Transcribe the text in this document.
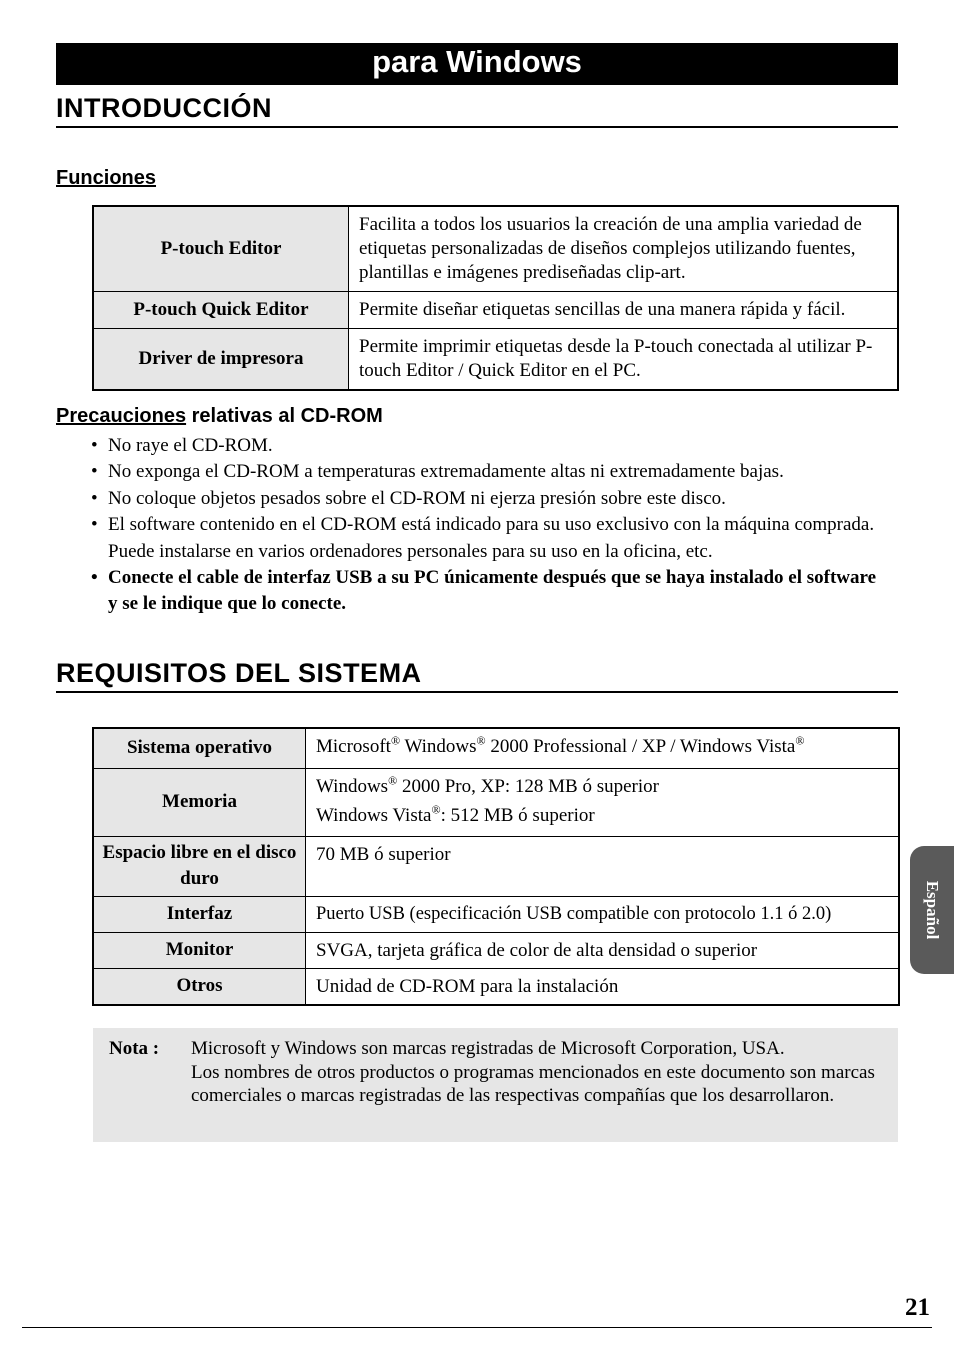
para Windows
INTRODUCCIÓN
Funciones
P-touch Editor	Facilita a todos los usuarios la creación de una amplia variedad de etiquetas personalizadas de diseños complejos utilizando fuentes, plantillas e imágenes prediseñadas clip-art.
P-touch Quick Editor	Permite diseñar etiquetas sencillas de una manera rápida y fácil.
Driver de impresora	Permite imprimir etiquetas desde la P-touch conectada al utilizar P-touch Editor / Quick Editor en el PC.
Precauciones relativas al CD-ROM
• No raye el CD-ROM.
• No exponga el CD-ROM a temperaturas extremadamente altas ni extremadamente bajas.
• No coloque objetos pesados sobre el CD-ROM ni ejerza presión sobre este disco.
• El software contenido en el CD-ROM está indicado para su uso exclusivo con la máquina comprada.
Puede instalarse en varios ordenadores personales para su uso en la oficina, etc.
• Conecte el cable de interfaz USB a su PC únicamente después que se haya instalado el software y se le indique que lo conecte.
REQUISITOS DEL SISTEMA
Sistema operativo	Microsoft® Windows® 2000 Professional / XP / Windows Vista®
Memoria	Windows® 2000 Pro, XP: 128 MB ó superior
Windows Vista®: 512 MB ó superior

Espacio libre en el disco duro	70 MB ó superior
Interfaz	Puerto USB (especificación USB compatible con protocolo 1.1 ó 2.0)
Monitor	SVGA, tarjeta gráfica de color de alta densidad o superior
Otros	Unidad de CD-ROM para la instalación
Nota : Microsoft y Windows son marcas registradas de Microsoft Corporation, USA.
Los nombres de otros productos o programas mencionados en este documento son marcas comerciales o marcas registradas de las respectivas compañías que los desarrollaron.
Español
21
